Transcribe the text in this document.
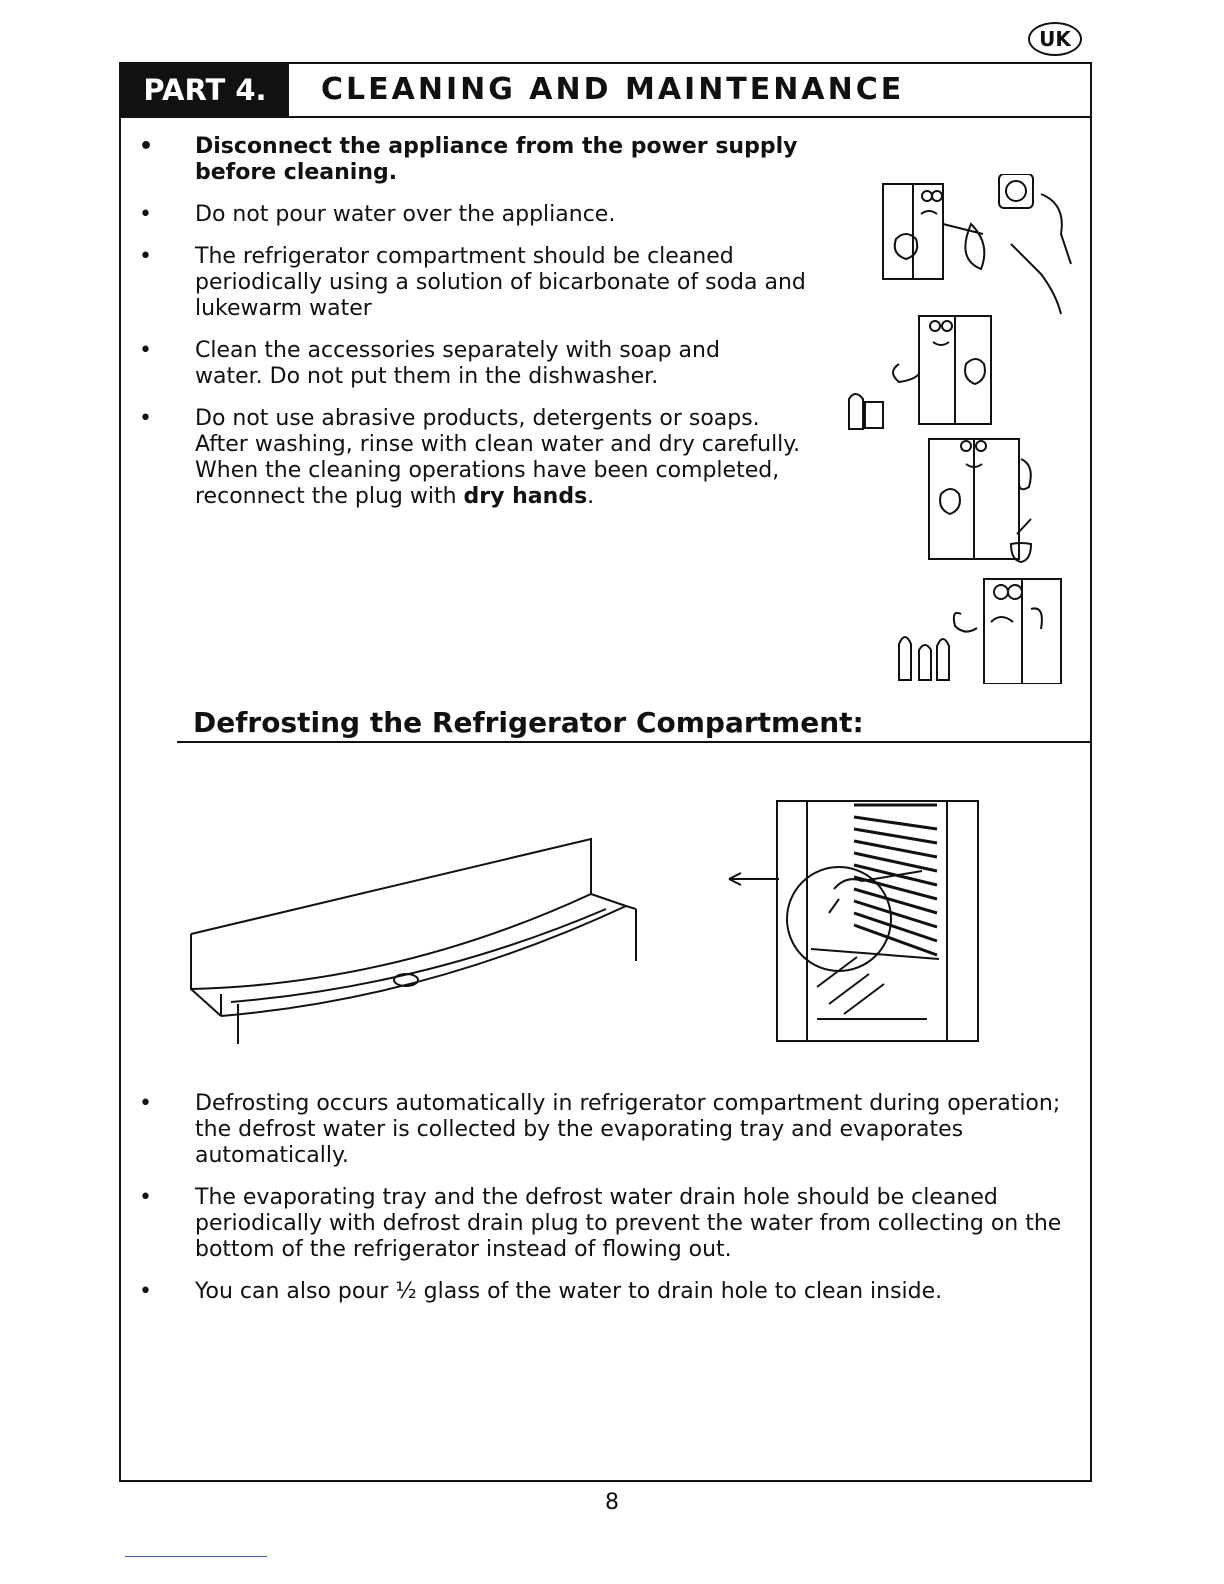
UK
PART 4.	CLEANING AND MAINTENANCE
• Disconnect the appliance from the power supply before cleaning.
• Do not pour water over the appliance.
• The refrigerator compartment should be cleaned periodically using a solution of bicarbonate of soda and lukewarm water
• Clean the accessories separately with soap and water. Do not put them in the dishwasher.
• Do not use abrasive products, detergents or soaps. After washing, rinse with clean water and dry carefully. When the cleaning operations have been completed, reconnect the plug with dry hands.
Defrosting the Refrigerator Compartment:
• Defrosting occurs automatically in refrigerator compartment during operation; the defrost water is collected by the evaporating tray and evaporates automatically.
• The evaporating tray and the defrost water drain hole should be cleaned periodically with defrost drain plug to prevent the water from collecting on the bottom of the refrigerator instead of flowing out.
• You can also pour ½ glass of the water to drain hole to clean inside.
8
